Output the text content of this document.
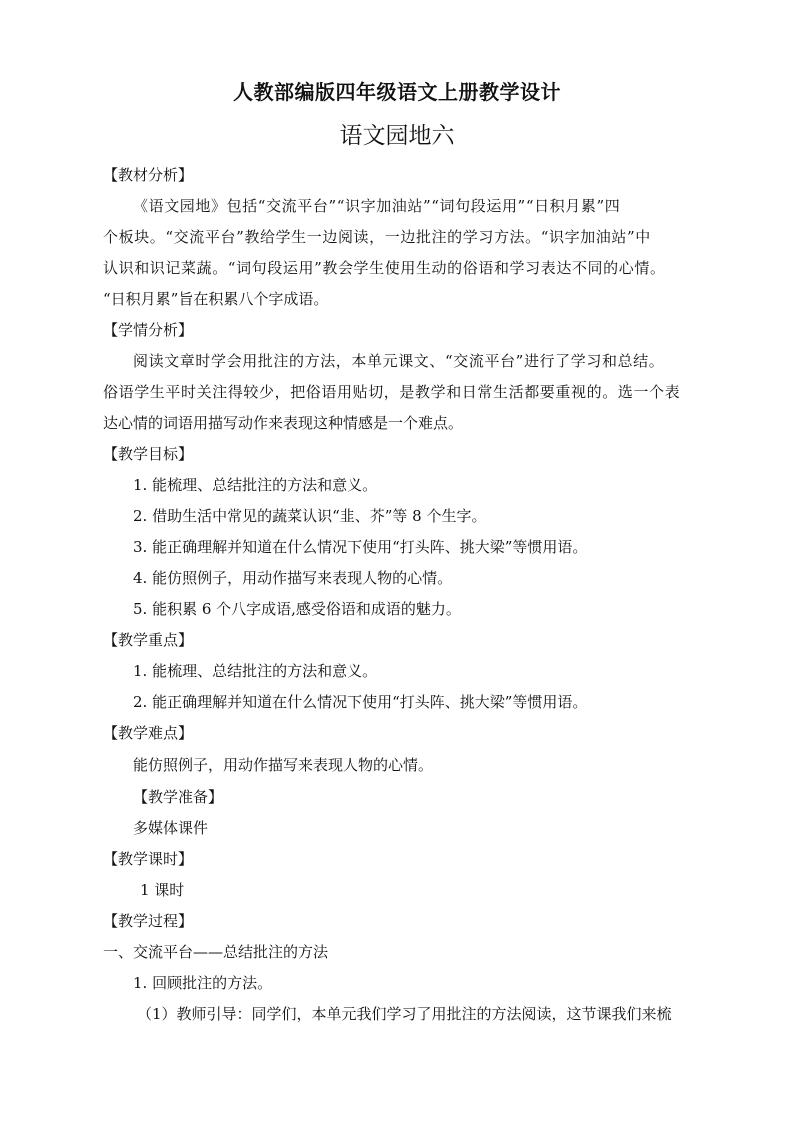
人教部编版四年级语文上册教学设计
语文园地六
【教材分析】
《语文园地》包括“交流平台”“识字加油站”“词句段运用”“日积月累”四
个板块。“交流平台”教给学生一边阅读，一边批注的学习方法。“识字加油站”中
认识和识记菜蔬。“词句段运用”教会学生使用生动的俗语和学习表达不同的心情。
“日积月累”旨在积累八个字成语。
【学情分析】
阅读文章时学会用批注的方法，本单元课文、“交流平台”进行了学习和总结。
俗语学生平时关注得较少，把俗语用贴切，是教学和日常生活都要重视的。选一个表
达心情的词语用描写动作来表现这种情感是一个难点。
【教学目标】
1. 能梳理、总结批注的方法和意义。
2. 借助生活中常见的蔬菜认识“韭、芥”等 8 个生字。
3. 能正确理解并知道在什么情况下使用“打头阵、挑大梁”等惯用语。
4. 能仿照例子，用动作描写来表现人物的心情。
5. 能积累 6 个八字成语,感受俗语和成语的魅力。
【教学重点】
1. 能梳理、总结批注的方法和意义。
2. 能正确理解并知道在什么情况下使用“打头阵、挑大梁”等惯用语。
【教学难点】
能仿照例子，用动作描写来表现人物的心情。
【教学准备】
多媒体课件
【教学课时】
1 课时
【教学过程】
一、交流平台——总结批注的方法
1. 回顾批注的方法。
（1）教师引导：同学们，本单元我们学习了用批注的方法阅读，这节课我们来梳
